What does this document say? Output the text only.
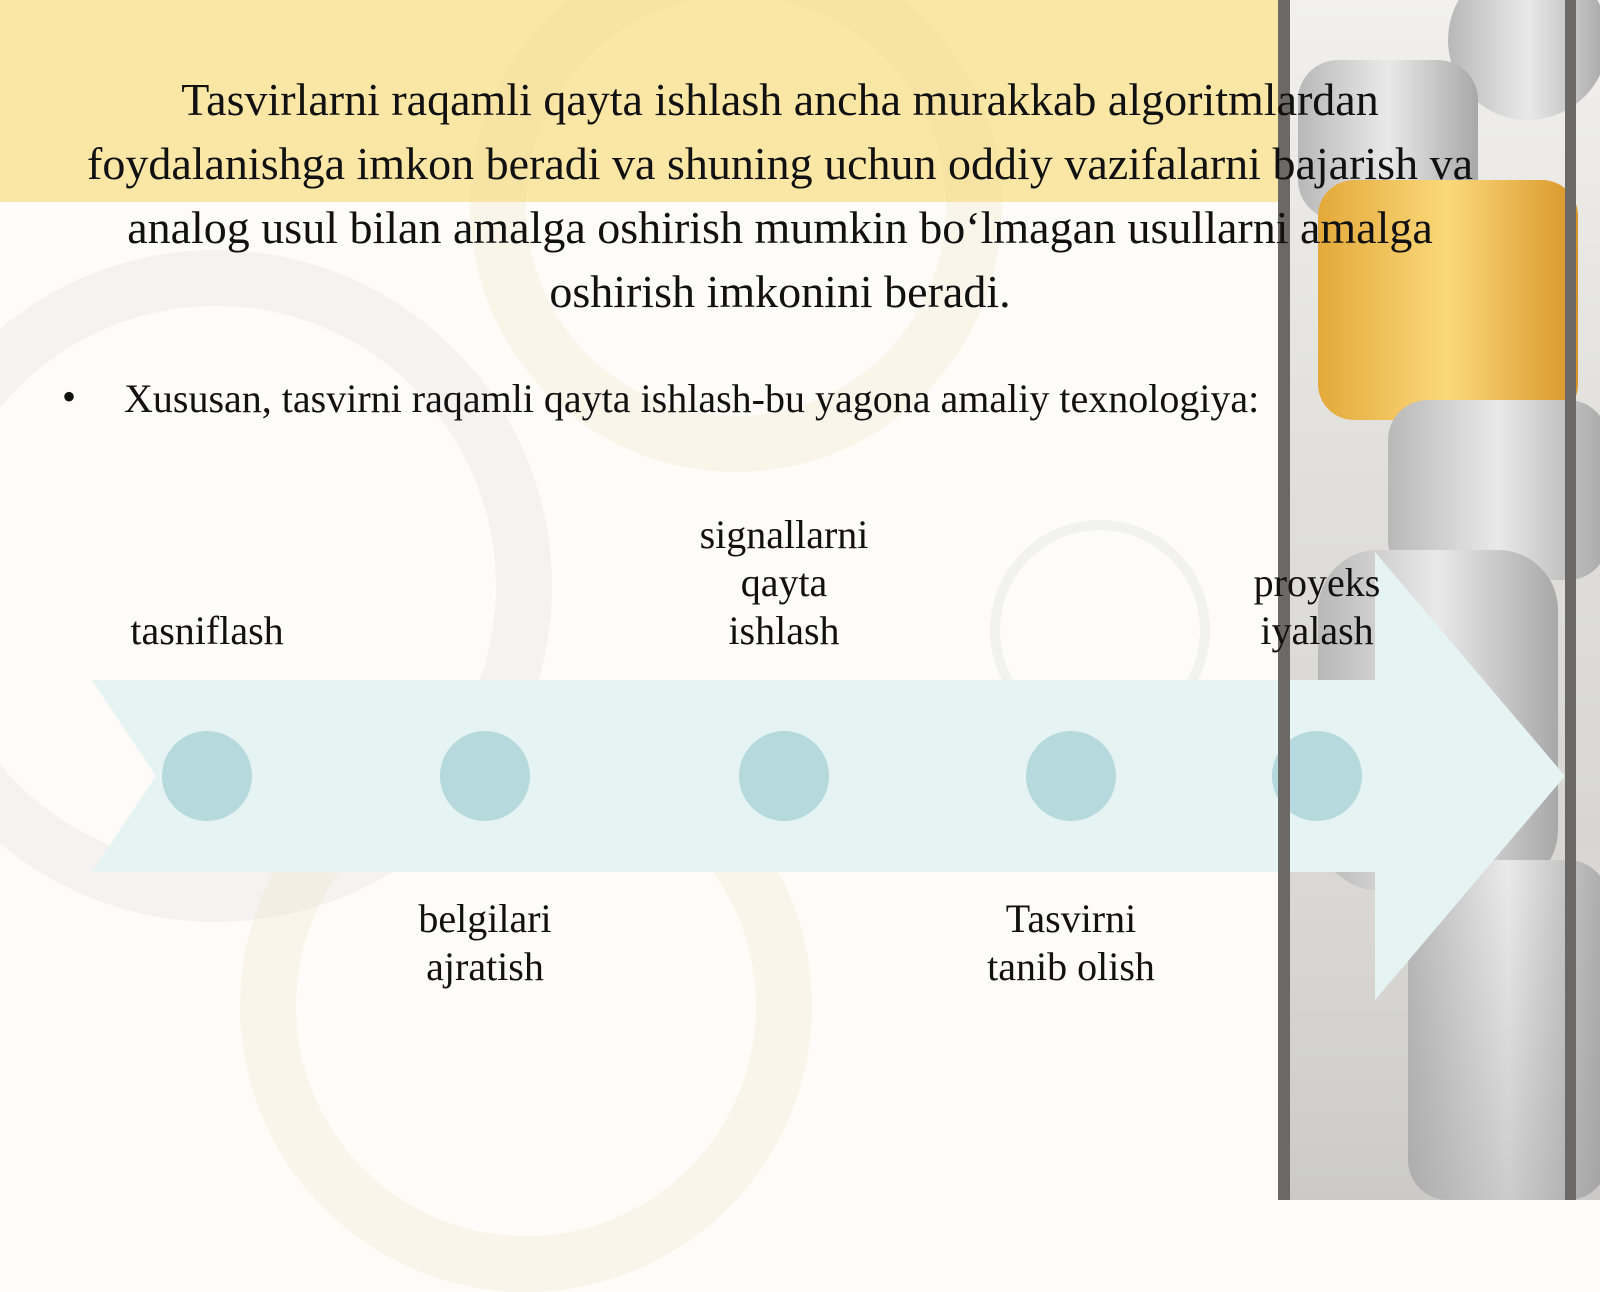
Tasvirlarni raqamli qayta ishlash ancha murakkab algoritmlardan foydalanishga imkon beradi va shuning uchun oddiy vazifalarni bajarish va analog usul bilan amalga oshirish mumkin bo‘lmagan usullarni amalga oshirish imkonini beradi.
• Xususan, tasvirni raqamli qayta ishlash-bu yagona amaliy texnologiya:
tasniflash
belgilari
ajratish
signallarni
qayta
ishlash
Tasvirni
tanib olish
proyeks
iyalash
